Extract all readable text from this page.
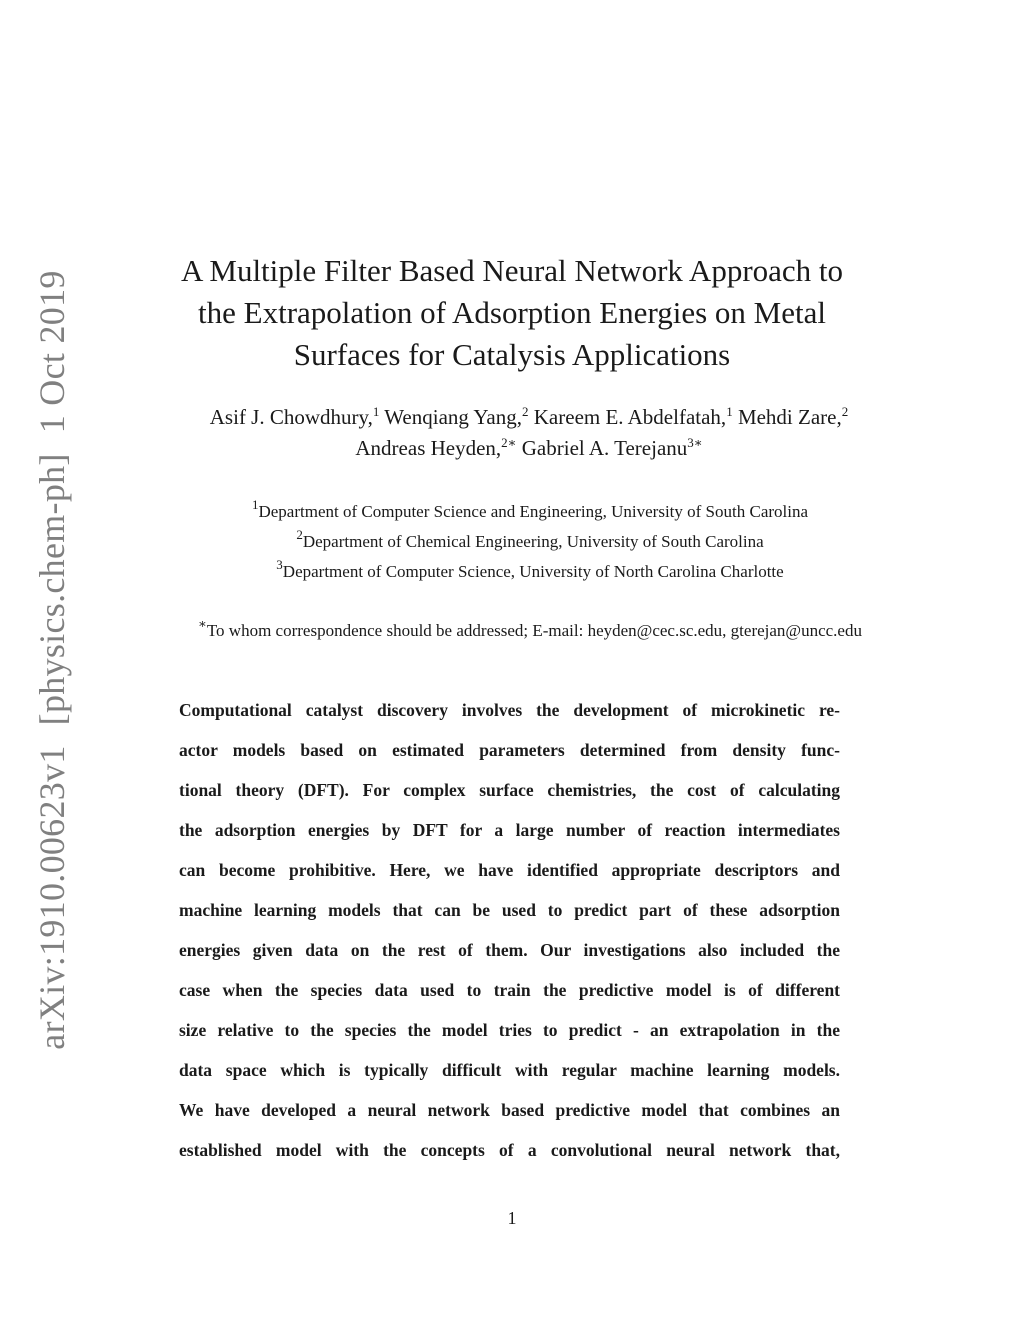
arXiv:1910.00623v1[physics.chem-ph]1 Oct 2019	A Multiple Filter Based Neural Network Approach to
the Extrapolation of Adsorption Energies on Metal
Surfaces for Catalysis Applications
Asif J. Chowdhury,$^1$ Wenqiang Yang,$^2$ Kareem E. Abdelfatah,$^1$ Mehdi Zare,$^2$
Andreas Heyden,$^{2∗}$ Gabriel A. Terejanu$^{3∗}$
$^1$Department of Computer Science and Engineering, University of South Carolina
$^2$Department of Chemical Engineering, University of South Carolina
$^3$Department of Computer Science, University of North Carolina Charlotte
∗To whom correspondence should be addressed; E-mail: heyden@cec.sc.edu, gterejan@uncc.edu
Computational catalyst discovery involves the development of microkinetic re-
actor models based on estimated parameters determined from density func-
tional theory (DFT). For complex surface chemistries, the cost of calculating
the adsorption energies by DFT for a large number of reaction intermediates
can become prohibitive. Here, we have identified appropriate descriptors and
machine learning models that can be used to predict part of these adsorption
energies given data on the rest of them. Our investigations also included the
case when the species data used to train the predictive model is of different
size relative to the species the model tries to predict - an extrapolation in the
data space which is typically difficult with regular machine learning models.
We have developed a neural network based predictive model that combines an
established model with the concepts of a convolutional neural network that,
1
